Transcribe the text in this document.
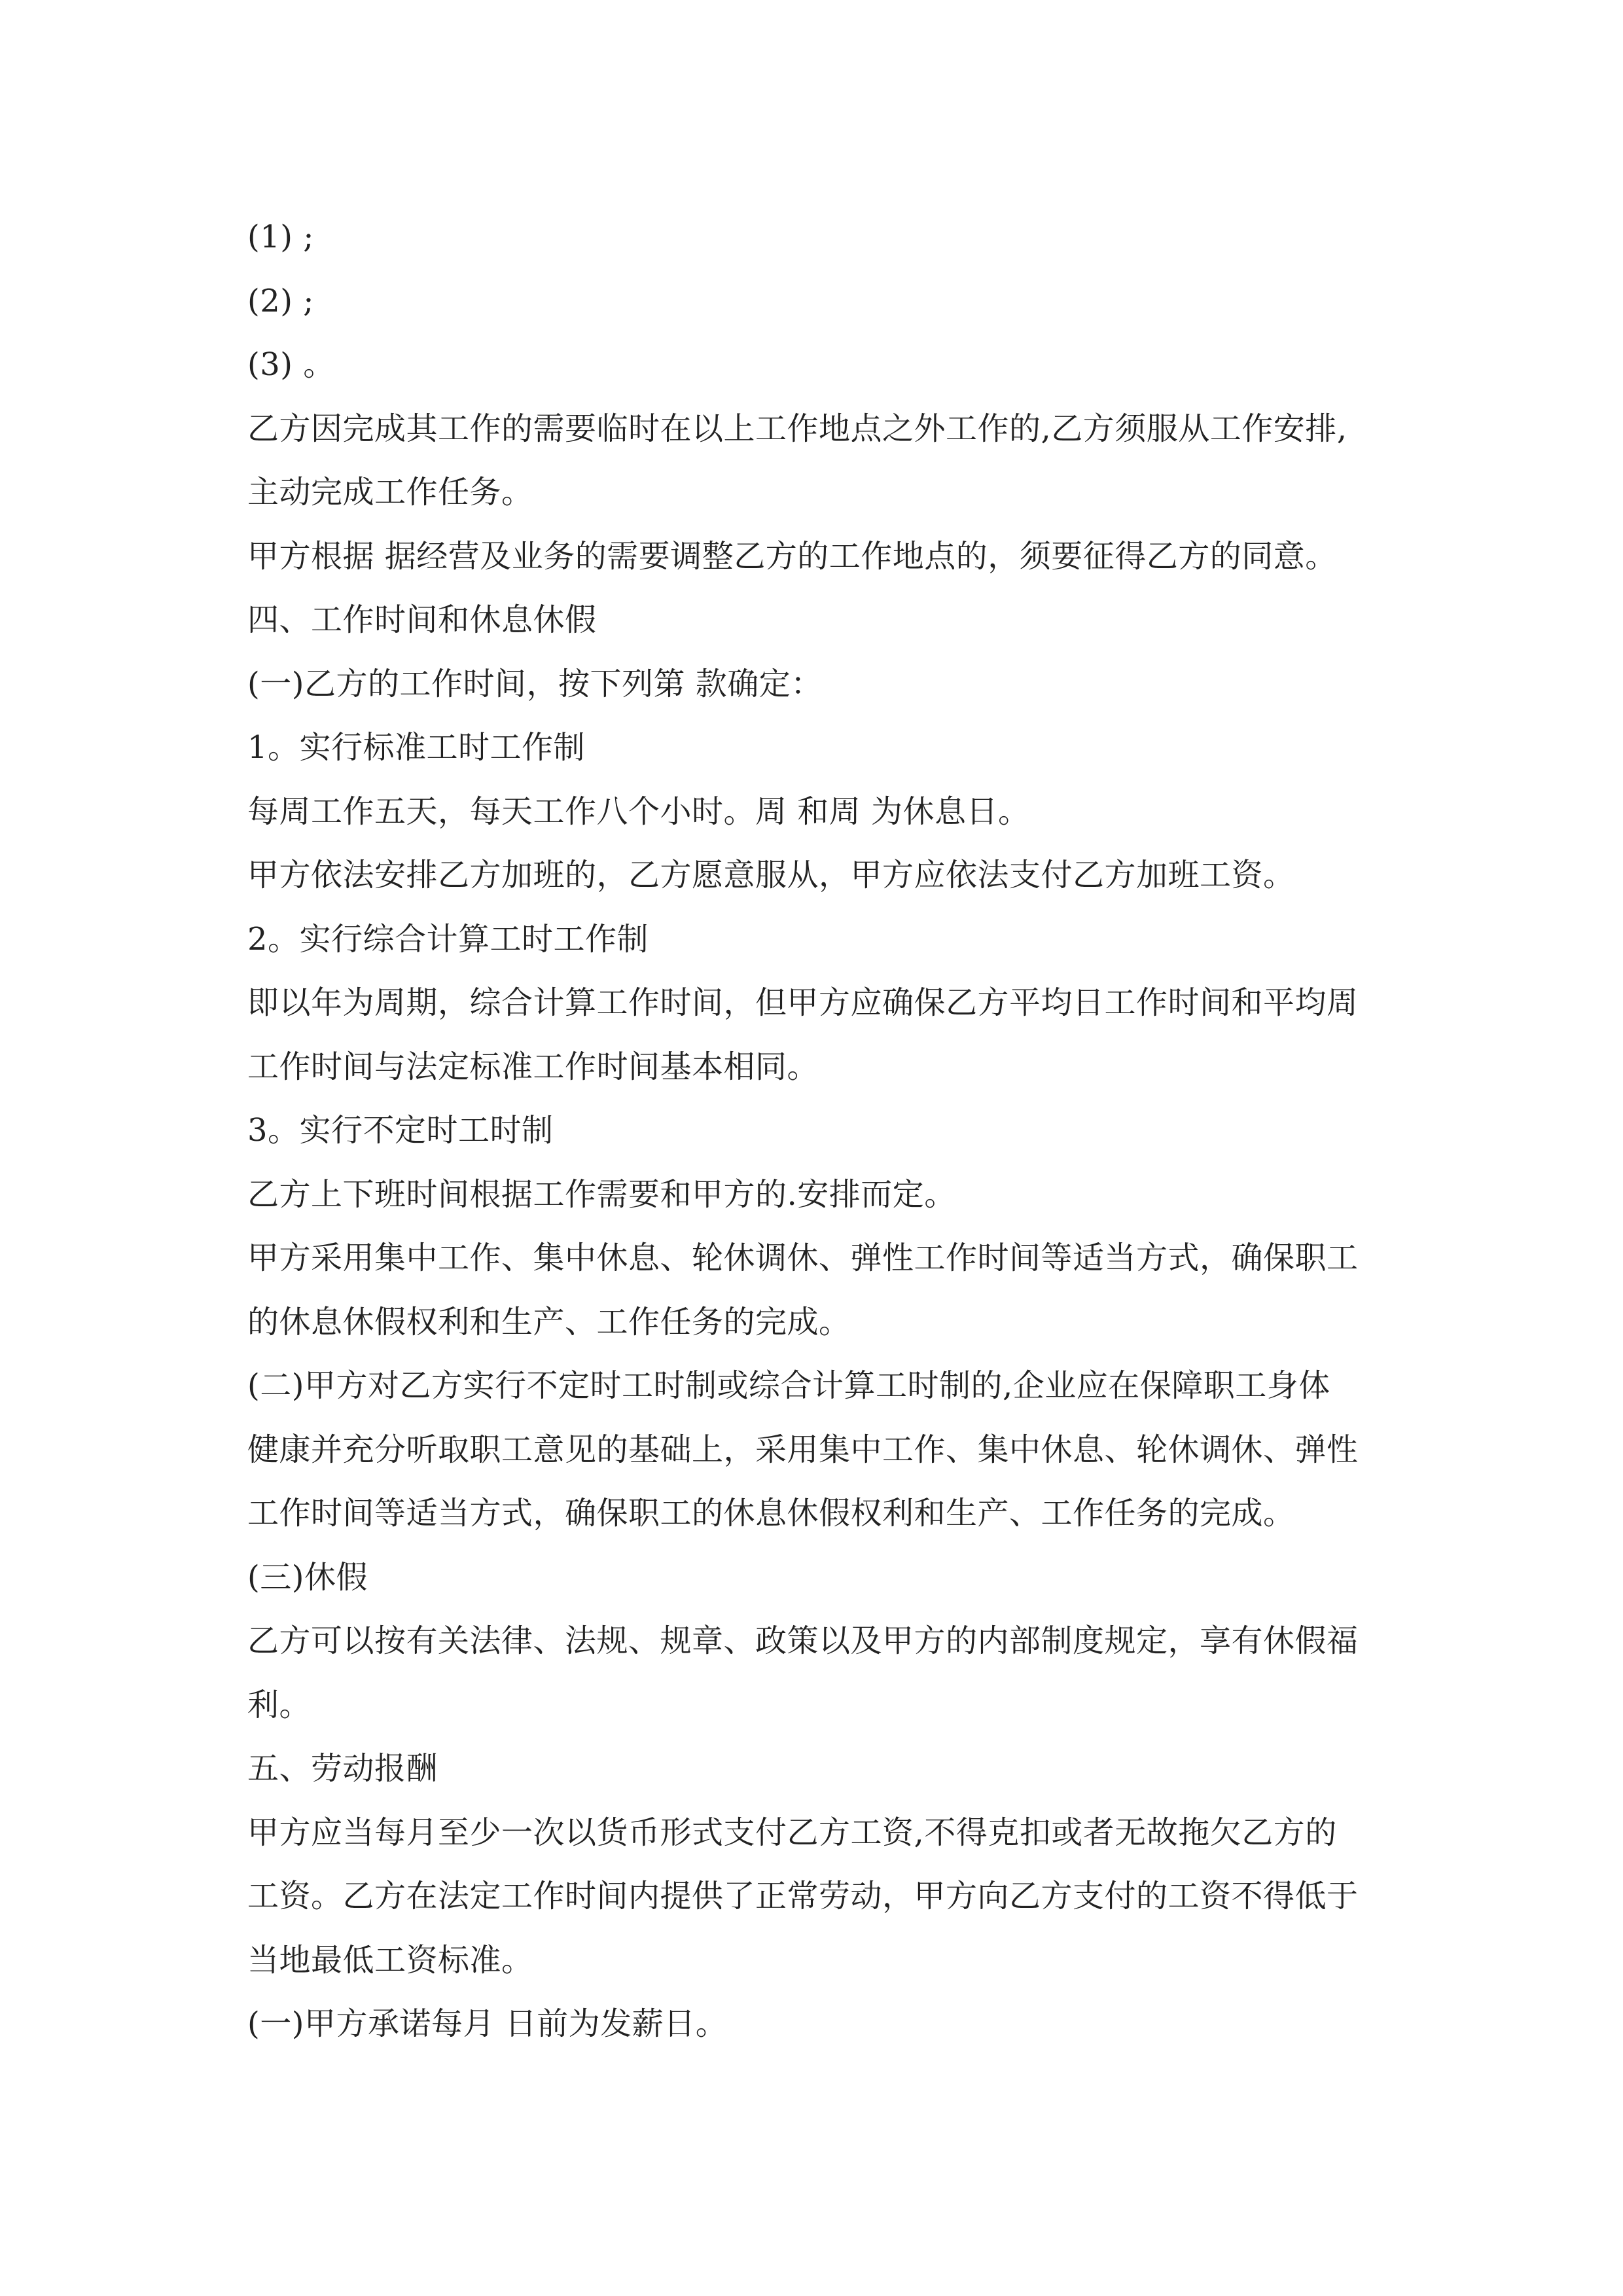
(1) ;
(2) ;
(3) 。
乙方因完成其工作的需要临时在以上工作地点之外工作的,乙方须服从工作安排,
主动完成工作任务。
甲方根据 据经营及业务的需要调整乙方的工作地点的，须要征得乙方的同意。
四、工作时间和休息休假
(一)乙方的工作时间，按下列第 款确定：
1。实行标准工时工作制
每周工作五天，每天工作八个小时。周 和周 为休息日。
甲方依法安排乙方加班的，乙方愿意服从，甲方应依法支付乙方加班工资。
2。实行综合计算工时工作制
即以年为周期，综合计算工作时间，但甲方应确保乙方平均日工作时间和平均周
工作时间与法定标准工作时间基本相同。
3。实行不定时工时制
乙方上下班时间根据工作需要和甲方的.安排而定。
甲方采用集中工作、集中休息、轮休调休、弹性工作时间等适当方式，确保职工
的休息休假权利和生产、工作任务的完成。
(二)甲方对乙方实行不定时工时制或综合计算工时制的,企业应在保障职工身体
健康并充分听取职工意见的基础上，采用集中工作、集中休息、轮休调休、弹性
工作时间等适当方式，确保职工的休息休假权利和生产、工作任务的完成。
(三)休假
乙方可以按有关法律、法规、规章、政策以及甲方的内部制度规定，享有休假福
利。
五、劳动报酬
甲方应当每月至少一次以货币形式支付乙方工资,不得克扣或者无故拖欠乙方的
工资。乙方在法定工作时间内提供了正常劳动，甲方向乙方支付的工资不得低于
当地最低工资标准。
(一)甲方承诺每月 日前为发薪日。
